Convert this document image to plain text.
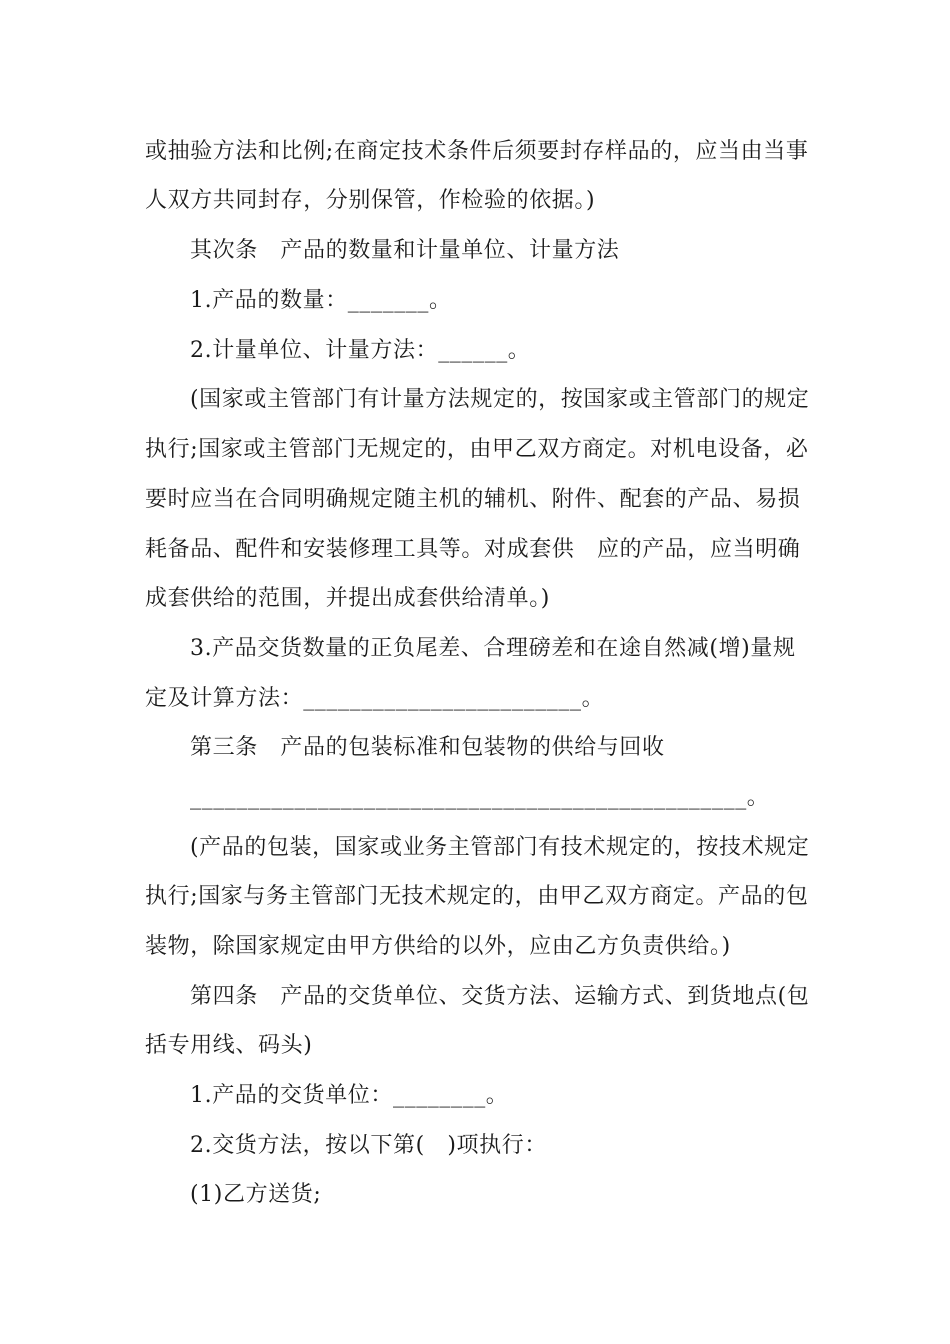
或抽验方法和比例;在商定技术条件后须要封存样品的，应当由当事
人双方共同封存，分别保管，作检验的依据。)
其次条　产品的数量和计量单位、计量方法
1.产品的数量：_______。
2.计量单位、计量方法：______。
(国家或主管部门有计量方法规定的，按国家或主管部门的规定
执行;国家或主管部门无规定的，由甲乙双方商定。对机电设备，必
要时应当在合同明确规定随主机的辅机、附件、配套的产品、易损
耗备品、配件和安装修理工具等。对成套供　应的产品，应当明确
成套供给的范围，并提出成套供给清单。)
3.产品交货数量的正负尾差、合理磅差和在途自然减(增)量规
定及计算方法：________________________。
第三条　产品的包装标准和包装物的供给与回收
________________________________________________。
(产品的包装，国家或业务主管部门有技术规定的，按技术规定
执行;国家与务主管部门无技术规定的，由甲乙双方商定。产品的包
装物，除国家规定由甲方供给的以外，应由乙方负责供给。)
第四条　产品的交货单位、交货方法、运输方式、到货地点(包
括专用线、码头)
1.产品的交货单位：________。
2.交货方法，按以下第(　)项执行：
(1)乙方送货;
